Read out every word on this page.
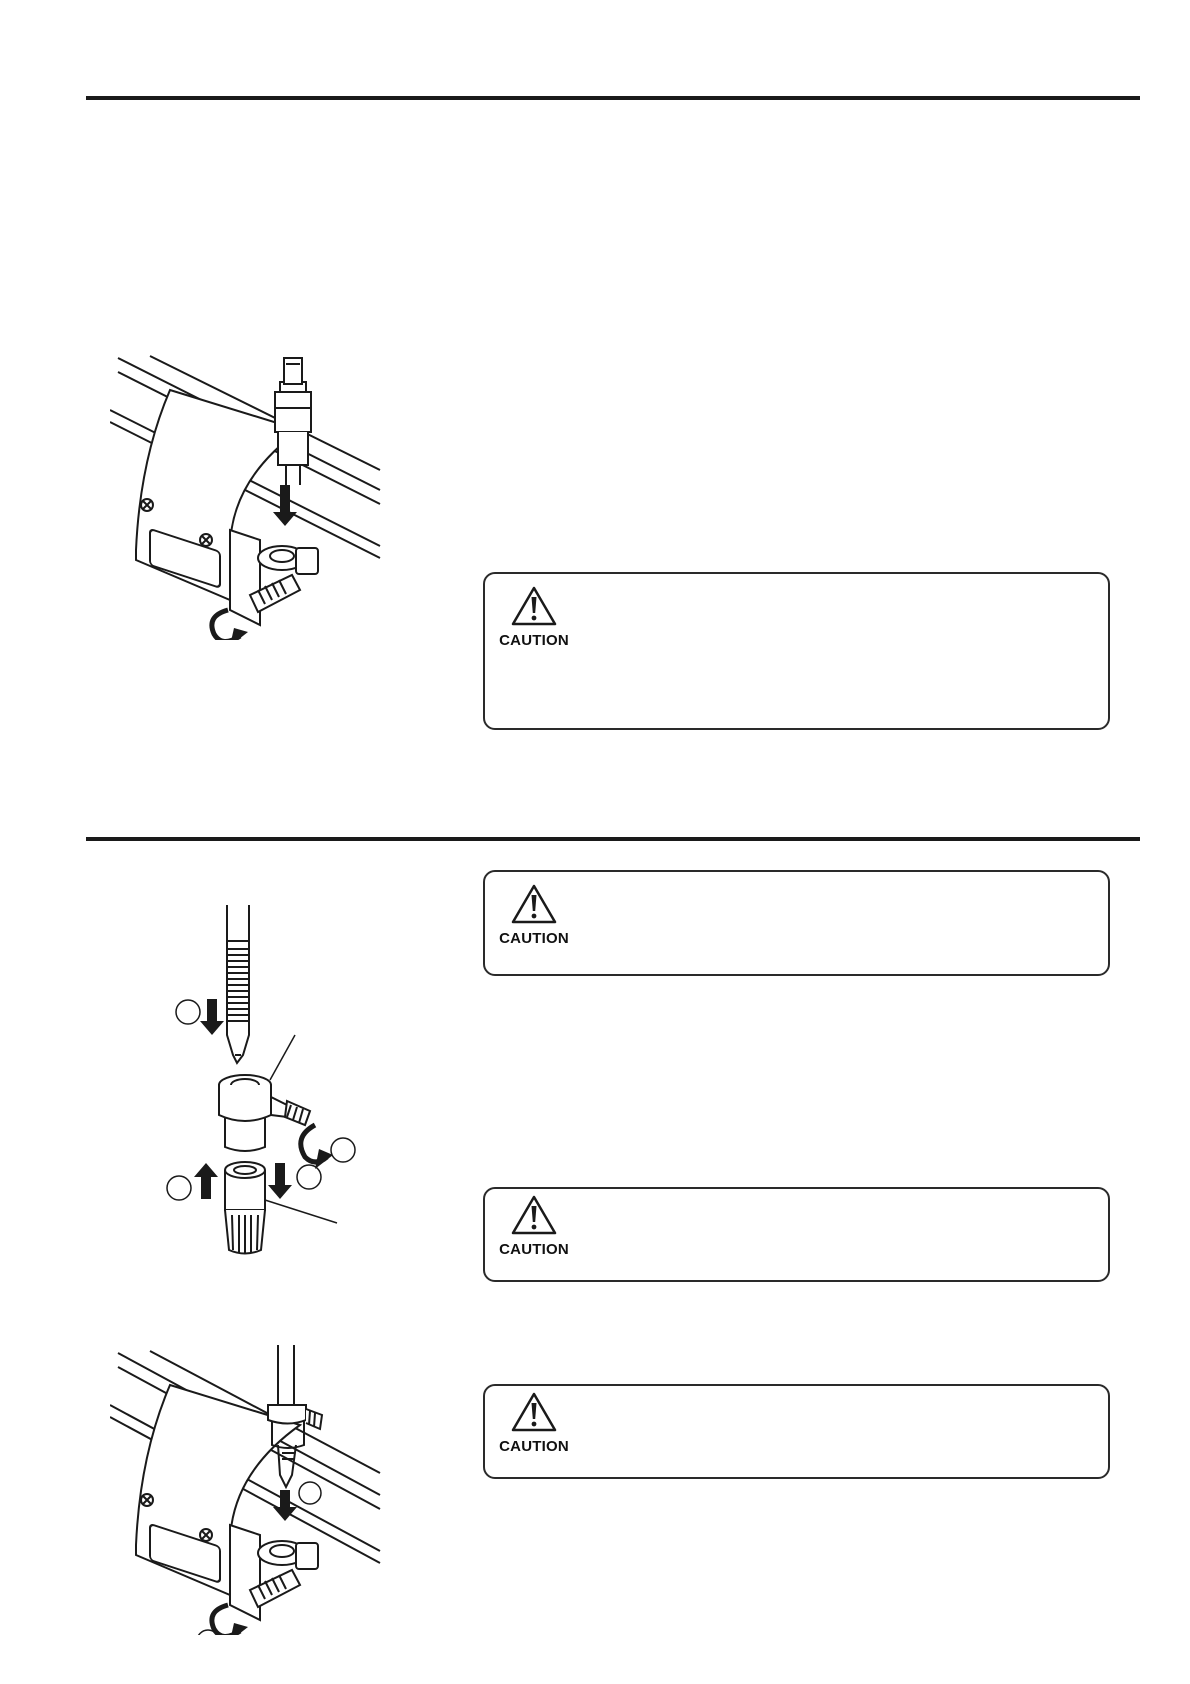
CAUTION
CAUTION
CAUTION
CAUTION
